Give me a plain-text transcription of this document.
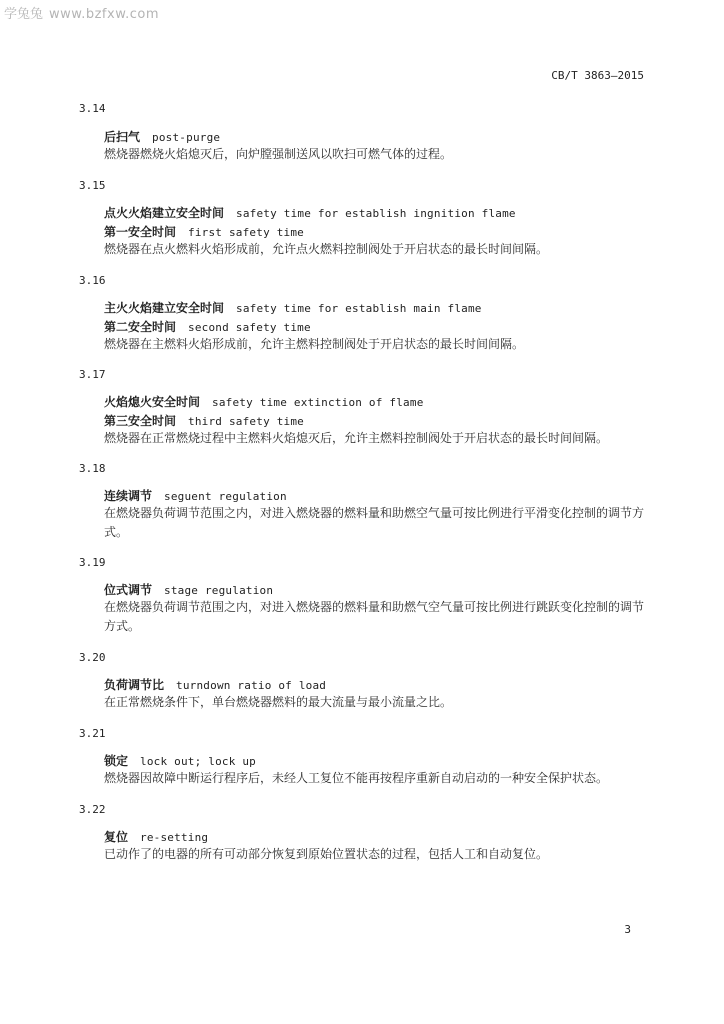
学兔兔 www.bzfxw.com
CB/T 3863—2015
3.14
后扫气 post-purge
燃烧器燃烧火焰熄灭后，向炉膛强制送风以吹扫可燃气体的过程。
3.15
点火火焰建立安全时间 safety time for establish ingnition flame
第一安全时间 first safety time
燃烧器在点火燃料火焰形成前，允许点火燃料控制阀处于开启状态的最长时间间隔。
3.16
主火火焰建立安全时间 safety time for establish main flame
第二安全时间 second safety time
燃烧器在主燃料火焰形成前，允许主燃料控制阀处于开启状态的最长时间间隔。
3.17
火焰熄火安全时间 safety time extinction of flame
第三安全时间 third safety time
燃烧器在正常燃烧过程中主燃料火焰熄灭后，允许主燃料控制阀处于开启状态的最长时间间隔。
3.18
连续调节 seguent regulation
在燃烧器负荷调节范围之内，对进入燃烧器的燃料量和助燃空气量可按比例进行平滑变化控制的调节方式。
3.19
位式调节 stage regulation
在燃烧器负荷调节范围之内，对进入燃烧器的燃料量和助燃气空气量可按比例进行跳跃变化控制的调节方式。
3.20
负荷调节比 turndown ratio of load
在正常燃烧条件下，单台燃烧器燃料的最大流量与最小流量之比。
3.21
锁定 lock out; lock up
燃烧器因故障中断运行程序后，未经人工复位不能再按程序重新自动启动的一种安全保护状态。
3.22
复位 re-setting
已动作了的电器的所有可动部分恢复到原始位置状态的过程，包括人工和自动复位。
3
